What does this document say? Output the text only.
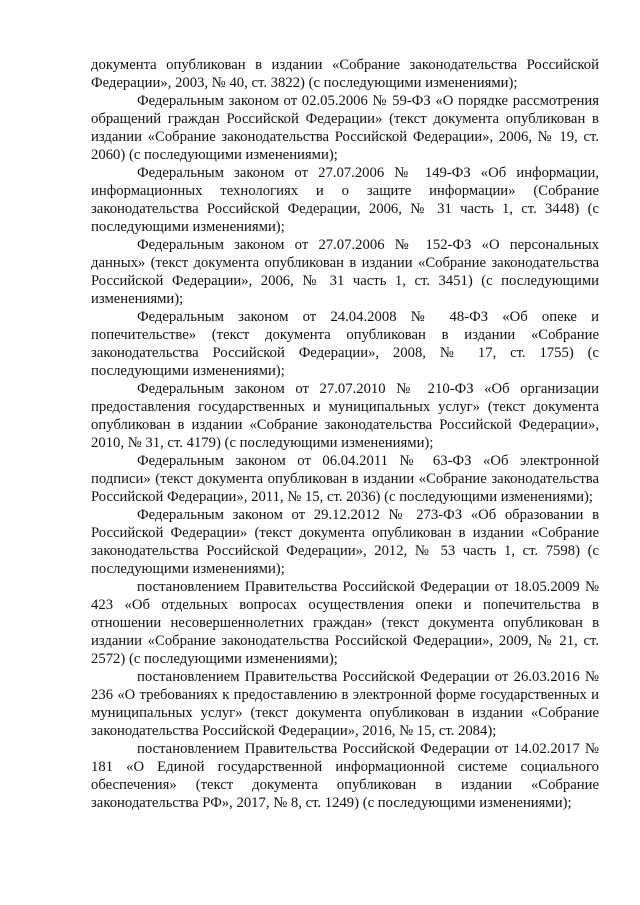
документа опубликован в издании «Собрание законодательства Российской Федерации», 2003, № 40, ст. 3822) (с последующими изменениями);

Федеральным законом от 02.05.2006 № 59-ФЗ «О порядке рассмотрения обращений граждан Российской Федерации» (текст документа опубликован в издании «Собрание законодательства Российской Федерации», 2006, № 19, ст. 2060) (с последующими изменениями);

Федеральным законом от 27.07.2006 № 149-ФЗ «Об информации, информационных технологиях и о защите информации» (Собрание законодательства Российской Федерации, 2006, № 31 часть 1, ст. 3448) (с последующими изменениями);

Федеральным законом от 27.07.2006 № 152-ФЗ «О персональных данных» (текст документа опубликован в издании «Собрание законодательства Российской Федерации», 2006, № 31 часть 1, ст. 3451) (с последующими изменениями);

Федеральным законом от 24.04.2008 № 48-ФЗ «Об опеке и попечительстве» (текст документа опубликован в издании «Собрание законодательства Российской Федерации», 2008, № 17, ст. 1755) (с последующими изменениями);

Федеральным законом от 27.07.2010 № 210-ФЗ «Об организации предоставления государственных и муниципальных услуг» (текст документа опубликован в издании «Собрание законодательства Российской Федерации», 2010, № 31, ст. 4179) (с последующими изменениями);

Федеральным законом от 06.04.2011 № 63-ФЗ «Об электронной подписи» (текст документа опубликован в издании «Собрание законодательства Российской Федерации», 2011, № 15, ст. 2036) (с последующими изменениями);

Федеральным законом от 29.12.2012 № 273-ФЗ «Об образовании в Российской Федерации» (текст документа опубликован в издании «Собрание законодательства Российской Федерации», 2012, № 53 часть 1, ст. 7598) (с последующими изменениями);

постановлением Правительства Российской Федерации от 18.05.2009 № 423 «Об отдельных вопросах осуществления опеки и попечительства в отношении несовершеннолетних граждан» (текст документа опубликован в издании «Собрание законодательства Российской Федерации», 2009, № 21, ст. 2572) (с последующими изменениями);

постановлением Правительства Российской Федерации от 26.03.2016 № 236 «О требованиях к предоставлению в электронной форме государственных и муниципальных услуг» (текст документа опубликован в издании «Собрание законодательства Российской Федерации», 2016, № 15, ст. 2084);

постановлением Правительства Российской Федерации от 14.02.2017 № 181 «О Единой государственной информационной системе социального обеспечения» (текст документа опубликован в издании «Собрание законодательства РФ», 2017, № 8, ст. 1249) (с последующими изменениями);
